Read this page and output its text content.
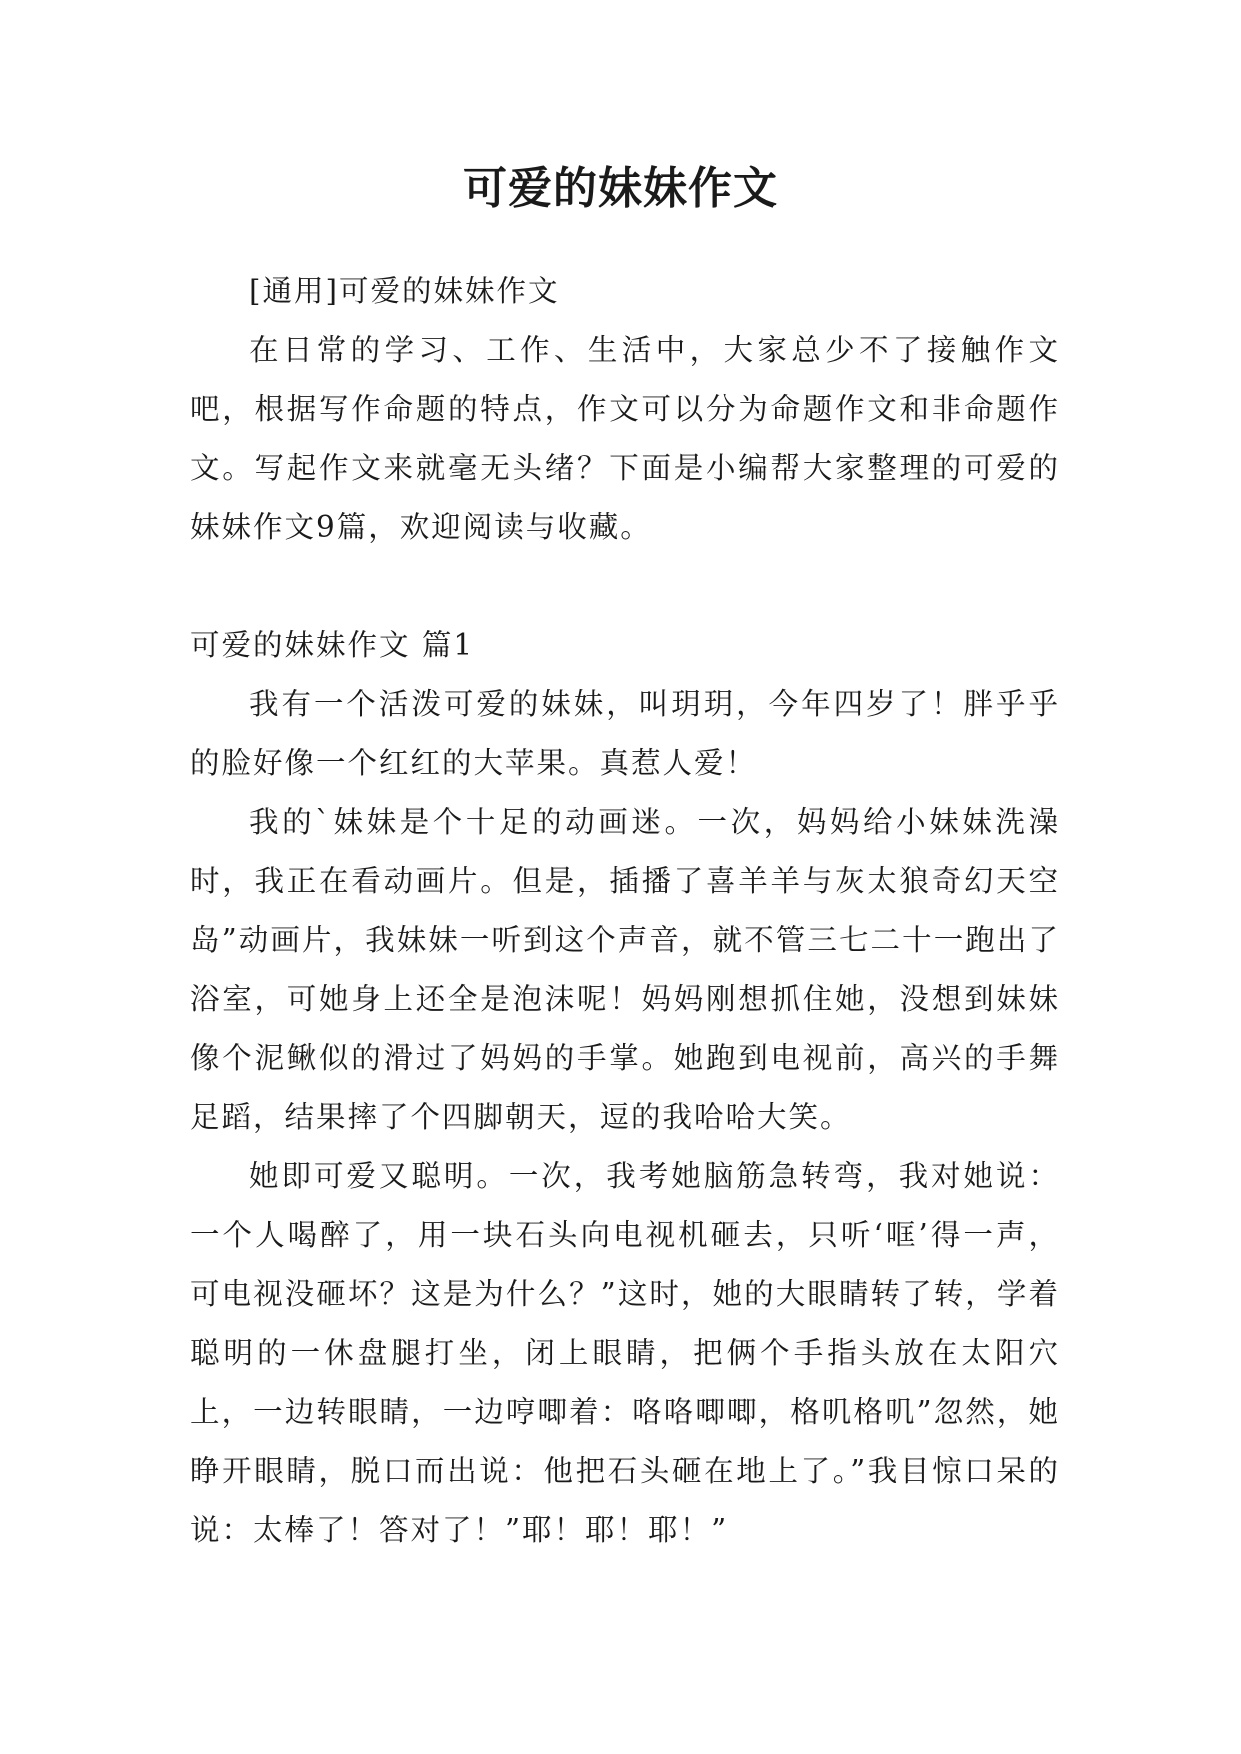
可爱的妹妹作文

[通用]可爱的妹妹作文

在日常的学习、工作、生活中，大家总少不了接触作文吧，根据写作命题的特点，作文可以分为命题作文和非命题作文。写起作文来就毫无头绪？下面是小编帮大家整理的可爱的妹妹作文9篇，欢迎阅读与收藏。

可爱的妹妹作文 篇1

我有一个活泼可爱的妹妹，叫玥玥，今年四岁了！胖乎乎的脸好像一个红红的大苹果。真惹人爱！

我的`妹妹是个十足的动画迷。一次，妈妈给小妹妹洗澡时，我正在看动画片。但是，插播了喜羊羊与灰太狼奇幻天空岛”动画片，我妹妹一听到这个声音，就不管三七二十一跑出了浴室，可她身上还全是泡沫呢！妈妈刚想抓住她，没想到妹妹像个泥鳅似的滑过了妈妈的手掌。她跑到电视前，高兴的手舞足蹈，结果摔了个四脚朝天，逗的我哈哈大笑。

她即可爱又聪明。一次，我考她脑筋急转弯，我对她说：一个人喝醉了，用一块石头向电视机砸去，只听‘哐’得一声，可电视没砸坏？这是为什么？”这时，她的大眼睛转了转，学着聪明的一休盘腿打坐，闭上眼睛，把俩个手指头放在太阳穴上，一边转眼睛，一边哼唧着：咯咯唧唧，格叽格叽”忽然，她睁开眼睛，脱口而出说：他把石头砸在地上了。”我目惊口呆的说：太棒了！答对了！”耶！耶！耶！”
